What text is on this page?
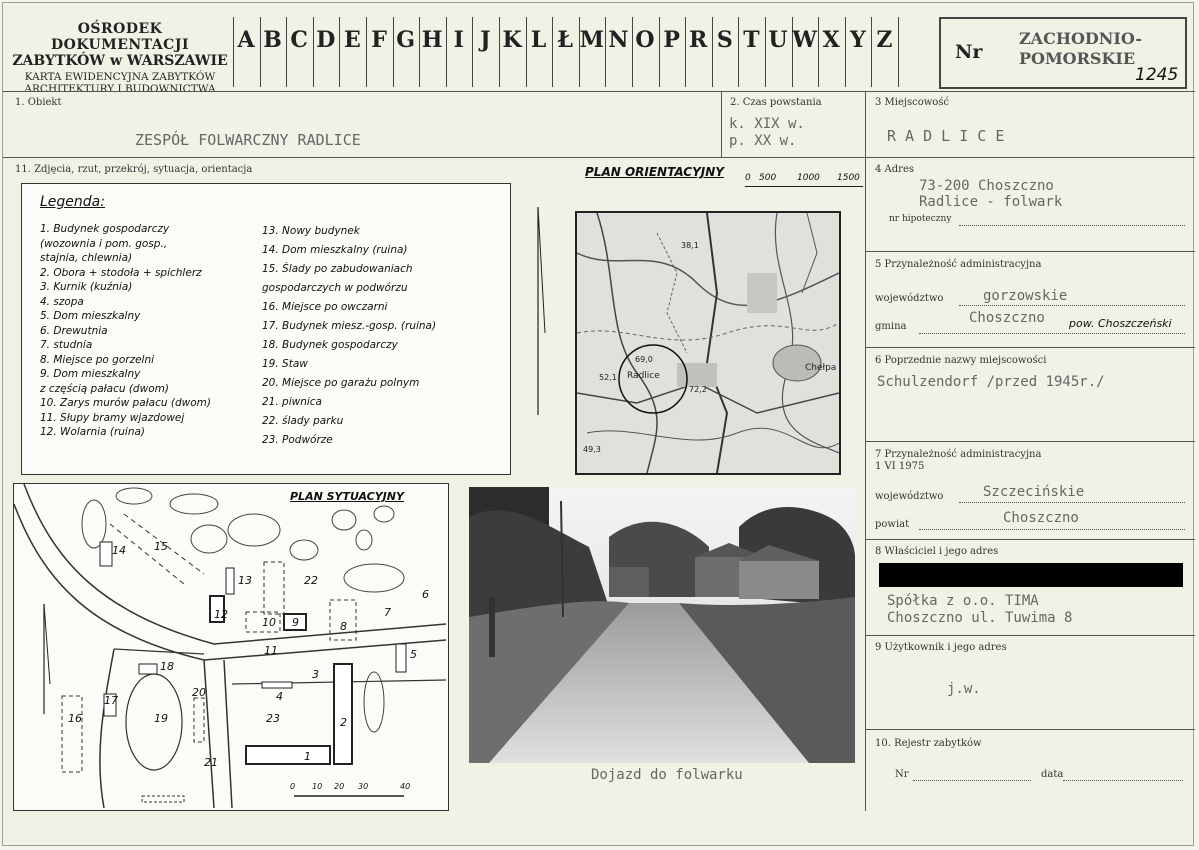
OŚRODEK DOKUMENTACJI
ZABYTKÓW w WARSZAWIE
KARTA EWIDENCYJNA ZABYTKÓW
ARCHITEKTURY I BUDOWNICTWA
A B C D E F G H I J K L Ł M N O P R S T U W X Y Z	Nr
ZACHODNIO-
POMORSKIE
1245
1. Obiekt
ZESPÓŁ FOLWARCZNY RADLICE
2. Czas powstania
k. XIX w.
p. XX w.
3 Miejscowość
R A D L I C E
4 Adres
73-200 Choszczno
Radlice - folwark
nr hipoteczny
5 Przynależność administracyjna
województwo	gorzowskie
gmina
Choszczno pow. Choszczeński
6 Poprzednie nazwy miejscowości
Schulzendorf /przed 1945r./
7 Przynależność administracyjna
1 VI 1975
województwo	Szczecińskie
powiat	Choszczno
8 Właściciel i jego adres
Spółka z o.o. TIMA
Choszczno ul. Tuwima 8
9 Użytkownik i jego adres
j.w.
10. Rejestr zabytków
Nr	data
11. Zdjęcia, rzut, przekrój, sytuacja, orientacja
Legenda:
1. Budynek gospodarczy
(wozownia i pom. gosp.,
stajnia, chlewnia)
2. Obora + stodoła + spichlerz
3. Kurnik (kuźnia)
4. szopa
5. Dom mieszkalny
6. Drewutnia
7. studnia
8. Miejsce po gorzelni
9. Dom mieszkalny
z częścią pałacu (dwom)
10. Zarys murów pałacu (dwom)
11. Słupy bramy wjazdowej
12. Wolarnia (ruina)
13. Nowy budynek
14. Dom mieszkalny (ruina)
15. Ślady po zabudowaniach
gospodarczych w podwórzu
16. Miejsce po owczarni
17. Budynek miesz.-gosp. (ruina)
18. Budynek gospodarczy
19. Staw
20. Miejsce po garażu polnym
21. piwnica
22. ślady parku
23. Podwórze
PLAN ORIENTACYJNY 0 500 1000 1500
Radlice
Chełpa
69,0
52,1
49,3
72,2
38,1
PLAN SYTUACYJNY
1
2
3
4
5
6
7
8
9
10
11
12
13
14	15
16
17
18
19
20
21
22
23
0 10 20 30	40
Dojazd do folwarku
